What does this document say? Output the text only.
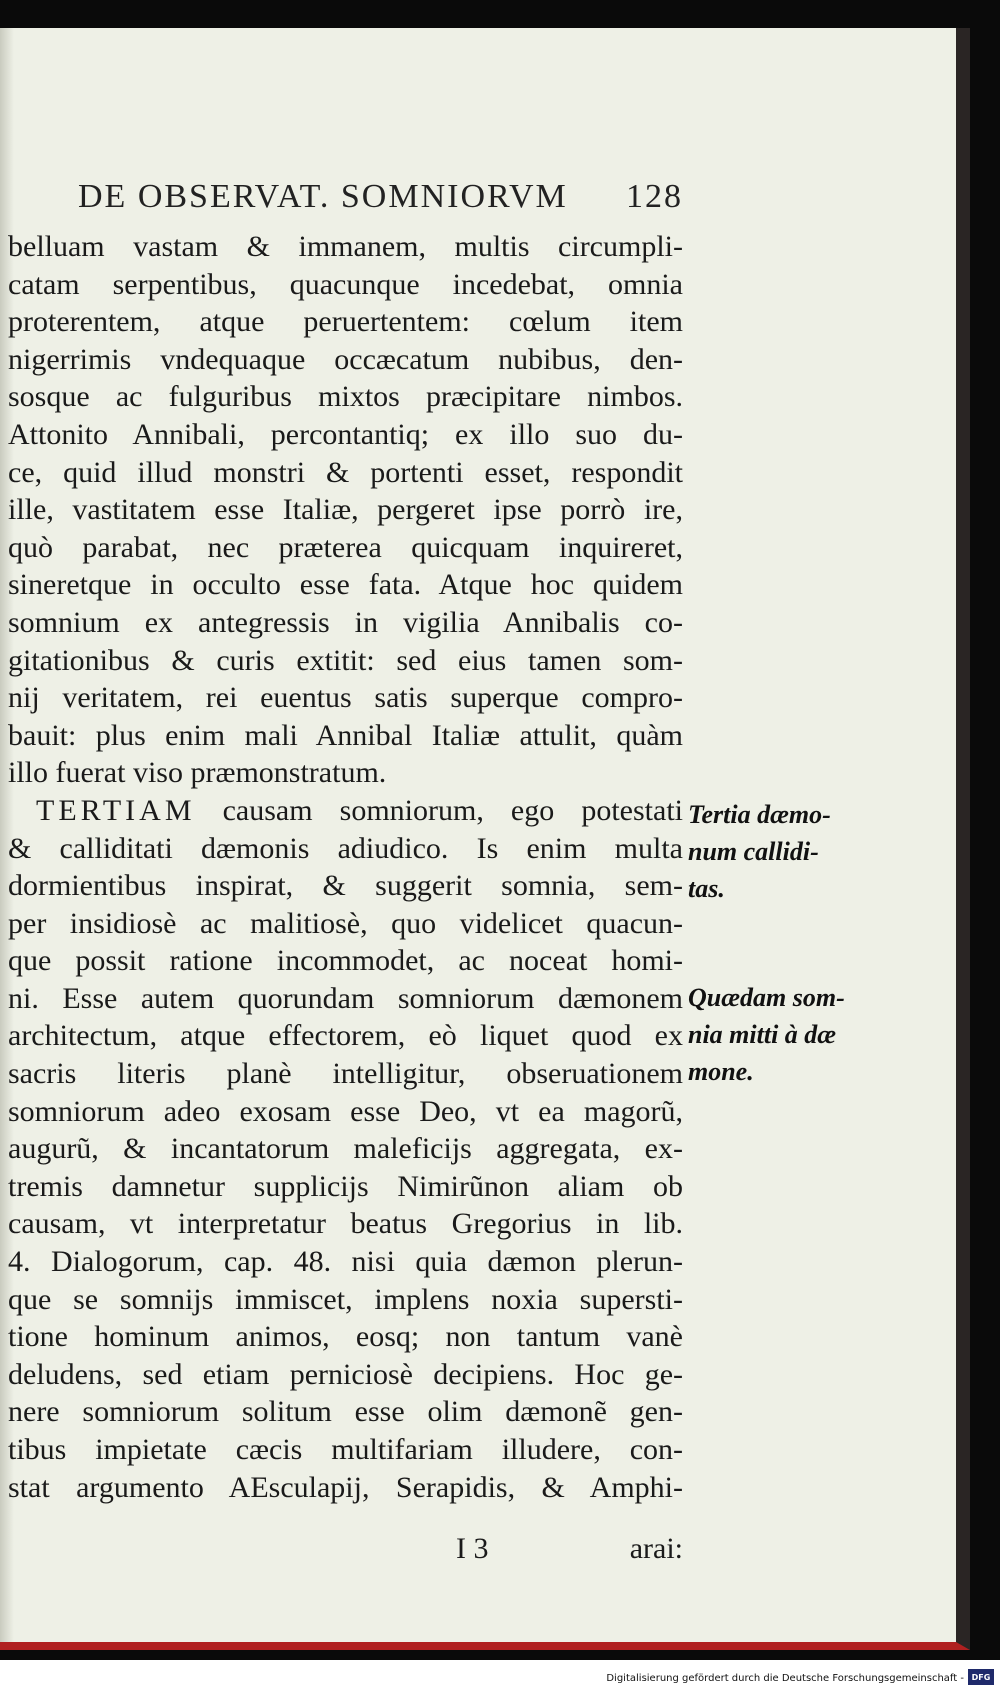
DE OBSERVAT. SOMNIORVM 128
belluam vastam & immanem, multis circumpli-
catam serpentibus, quacunque incedebat, omnia
proterentem, atque peruertentem: cœlum item
nigerrimis vndequaque occæcatum nubibus, den-
sosque ac fulguribus mixtos præcipitare nimbos.
Attonito Annibali, percontantiq; ex illo suo du-
ce, quid illud monstri & portenti esset, respondit
ille, vastitatem esse Italiæ, pergeret ipse porrò ire,
quò parabat, nec præterea quicquam inquireret,
sineretque in occulto esse fata. Atque hoc quidem
somnium ex antegressis in vigilia Annibalis co-
gitationibus & curis extitit: sed eius tamen som-
nij veritatem, rei euentus satis superque compro-
bauit: plus enim mali Annibal Italiæ attulit, quàm
illo fuerat viso præmonstratum.
TERTIAM causam somniorum, ego potestati
& calliditati dæmonis adiudico. Is enim multa
dormientibus inspirat, & suggerit somnia, sem-
per insidiosè ac malitiosè, quo videlicet quacun-
que possit ratione incommodet, ac noceat homi-
ni. Esse autem quorundam somniorum dæmonem
architectum, atque effectorem, eò liquet quod ex
sacris literis planè intelligitur, obseruationem
somniorum adeo exosam esse Deo, vt ea magorũ,
augurũ, & incantatorum maleficijs aggregata, ex-
tremis damnetur supplicijs Nimirũnon aliam ob
causam, vt interpretatur beatus Gregorius in lib.
4. Dialogorum, cap. 48. nisi quia dæmon plerun-
que se somnijs immiscet, implens noxia supersti-
tione hominum animos, eosq; non tantum vanè
deludens, sed etiam perniciosè decipiens. Hoc ge-
nere somniorum solitum esse olim dæmonẽ gen-
tibus impietate cæcis multifariam illudere, con-
stat argumento AEsculapij, Serapidis, & Amphi-
Tertia dæmo-
num callidi-
tas.
Quædam som-
nia mitti à dæ
mone.
I 3	arai:
Digitalisierung gefördert durch die Deutsche Forschungsgemeinschaft - DFG
